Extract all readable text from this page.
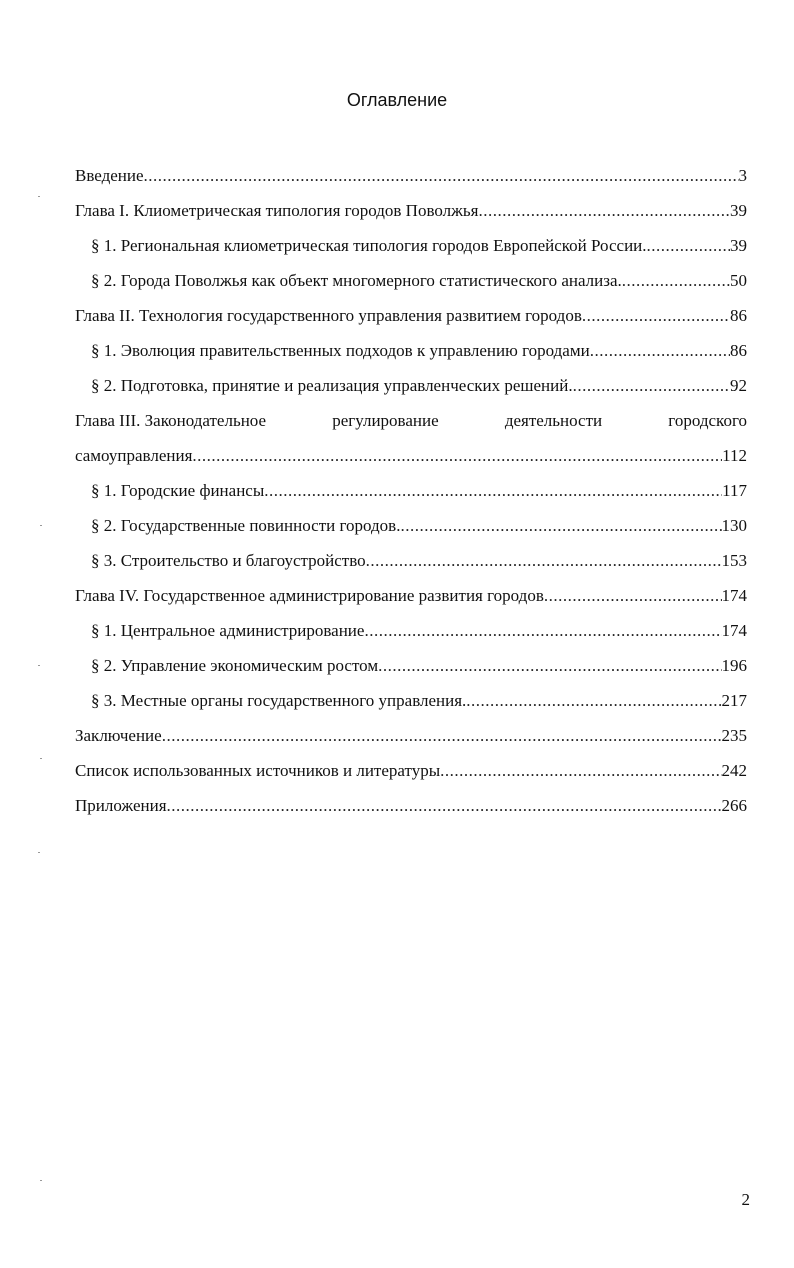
Оглавление
Введение .....	3
Глава I. Клиометрическая типология городов Поволжья .....	39
§ 1. Региональная клиометрическая типология городов Европейской России. .....	39
§ 2. Города Поволжья как объект многомерного статистического анализа. .....	50
Глава II. Технология государственного управления развитием городов .....	86
§ 1. Эволюция правительственных подходов к управлению городами .....	86
§ 2. Подготовка, принятие и реализация управленческих решений. .....	92
Глава III. Законодательное	регулирование	деятельности	городского
самоуправления .....	112
§ 1. Городские финансы .....	117
§ 2. Государственные повинности городов. .....	130
§ 3. Строительство и благоустройство .....	153
Глава IV. Государственное администрирование развития городов .....	174
§ 1. Центральное администрирование .....	174
§ 2. Управление экономическим ростом .....	196
§ 3. Местные органы государственного управления. .....	217
Заключение .....	235
Список использованных источников и литературы .....	242
Приложения .....	266
2
